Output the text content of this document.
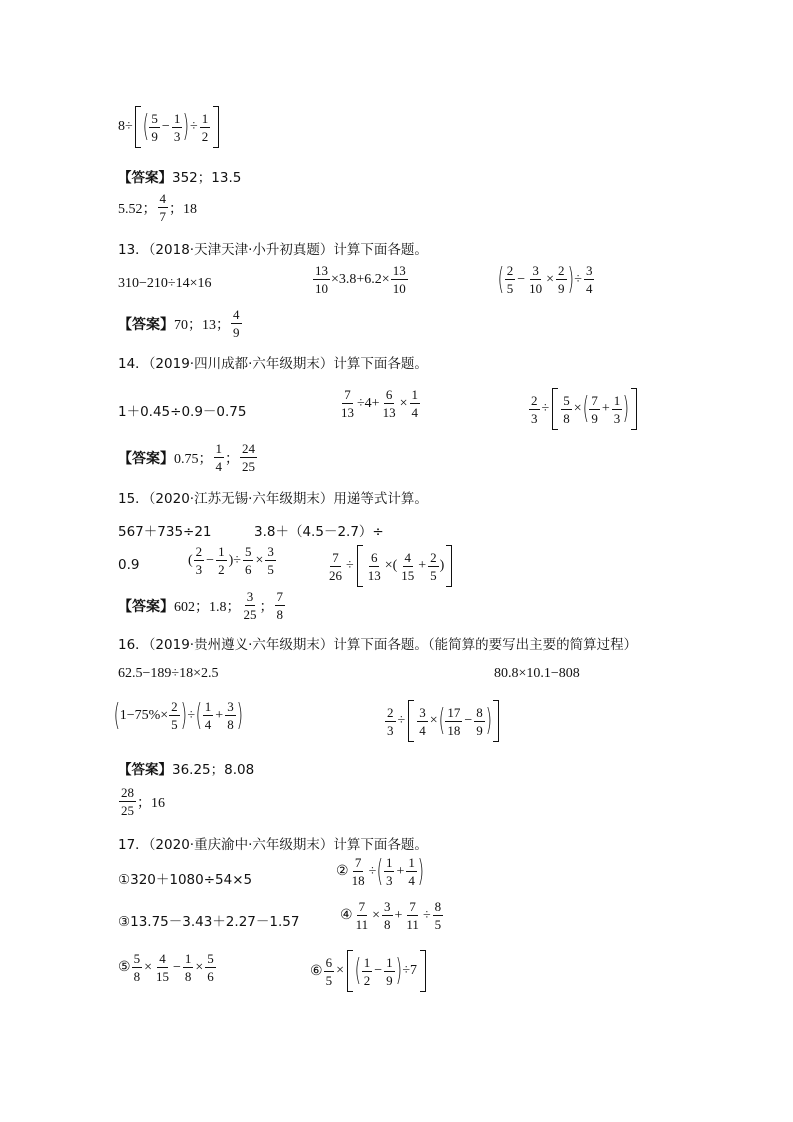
8÷ ( $\frac{5}{9} - \frac{1}{3}$ ) ÷ $\frac{1}{2}$
【答案】352；13.5
5.52； $\frac{4}{7}$ ；18
13．（2018·天津天津·小升初真题）计算下面各题。
310−210÷14×16	$\frac{13}{10} \times 3.8+6.2\times \frac{13}{10}$	( $\frac{2}{5} - \frac{3}{10} \times \frac{2}{9}$ ) ÷ $\frac{3}{4}$
【答案】 70；13； $\frac{4}{9}$
14．（2019·四川成都·六年级期末）计算下面各题。
1＋0.45÷0.9－0.75	$\frac{7}{13} \div 4+ \frac{6}{13} \times \frac{1}{4}$	$\frac{2}{3} \div \frac{5}{8}$ × ( $\frac{7}{9} + \frac{1}{3}$ )
【答案】 0.75； $\frac{1}{4}$ ； $\frac{24}{25}$
15．（2020·江苏无锡·六年级期末）用递等式计算。
567＋735÷21	3.8＋（4.5－2.7）÷
0.9	( $\frac{2}{3} - \frac{1}{2}$ )÷ $\frac{5}{6} \times \frac{3}{5}$	$\frac{7}{26} \div \frac{6}{13}$ ×( $\frac{4}{15} + \frac{2}{5}$ )
【答案】 602；1.8； $\frac{3}{25}$ ； $\frac{7}{8}$
16．（2019·贵州遵义·六年级期末）计算下面各题。（能简算的要写出主要的简算过程）
62.5−189÷18×2.5	80.8×10.1−808
( $1-75\%\times \frac{2}{5}$ ) ÷ ( $\frac{1}{4} + \frac{3}{8}$ )	$\frac{2}{3} \div \frac{3}{4}$ × ( $\frac{17}{18} - \frac{8}{9}$ )
【答案】36.25；8.08
$\frac{28}{25}$ ；16
17．（2020·重庆渝中·六年级期末）计算下面各题。
①320＋1080÷54×5
② $\frac{7}{18}$ ÷ ( $\frac{1}{3} + \frac{1}{4}$ )
③13.75－3.43＋2.27－1.57	④ $\frac{7}{11} \times \frac{3}{8} + \frac{7}{11} \div \frac{8}{5}$
⑤ $\frac{5}{8} \times \frac{4}{15} - \frac{1}{8} \times \frac{5}{6}$	⑥ $\frac{6}{5}$ × ( $\frac{1}{2} - \frac{1}{9}$ ) ÷7
